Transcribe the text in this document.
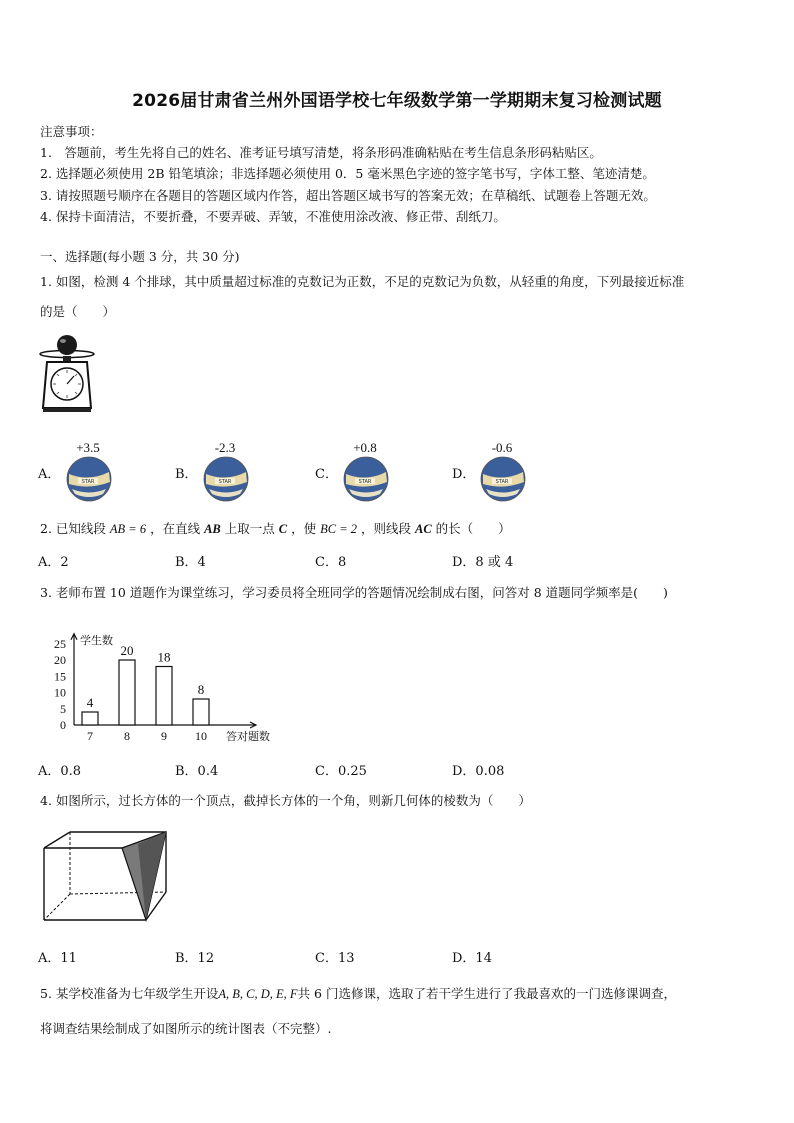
2026届甘肃省兰州外国语学校七年级数学第一学期期末复习检测试题
注意事项：
1.　答题前，考生先将自己的姓名、准考证号填写清楚，将条形码准确粘贴在考生信息条形码粘贴区。
2. 选择题必须使用 2B 铅笔填涂；非选择题必须使用 0．5 毫米黑色字迹的签字笔书写，字体工整、笔迹清楚。
3. 请按照题号顺序在各题目的答题区域内作答，超出答题区域书写的答案无效；在草稿纸、试题卷上答题无效。
4. 保持卡面清洁，不要折叠，不要弄破、弄皱，不准使用涂改液、修正带、刮纸刀。
一、选择题(每小题 3 分，共 30 分)
1. 如图，检测 4 个排球，其中质量超过标准的克数记为正数，不足的克数记为负数，从轻重的角度，下列最接近标准
的是（　　）
A．
+3.5
STAR	B．
-2.3
STAR	C．
+0.8
STAR	D．
-0.6
STAR
2. 已知线段 AB = 6 ，在直线 AB 上取一点 C ，使 BC = 2 ，则线段 AC 的长（　　）
A．2	B．4	C．8	D．8 或 4
3. 老师布置 10 道题作为课堂练习，学习委员将全班同学的答题情况绘制成右图，问答对 8 道题同学频率是(　　)
0
5
10
15
20
25 学生数
4
7
20
8
18
9
8
10 答对题数
A．0.8	B．0.4	C．0.25	D．0.08
4. 如图所示，过长方体的一个顶点，截掉长方体的一个角，则新几何体的棱数为（　　）
A．11	B．12	C．13	D．14
5. 某学校准备为七年级学生开设A, B, C, D, E, F共 6 门选修课，选取了若干学生进行了我最喜欢的一门选修课调查，
将调查结果绘制成了如图所示的统计图表（不完整）.
